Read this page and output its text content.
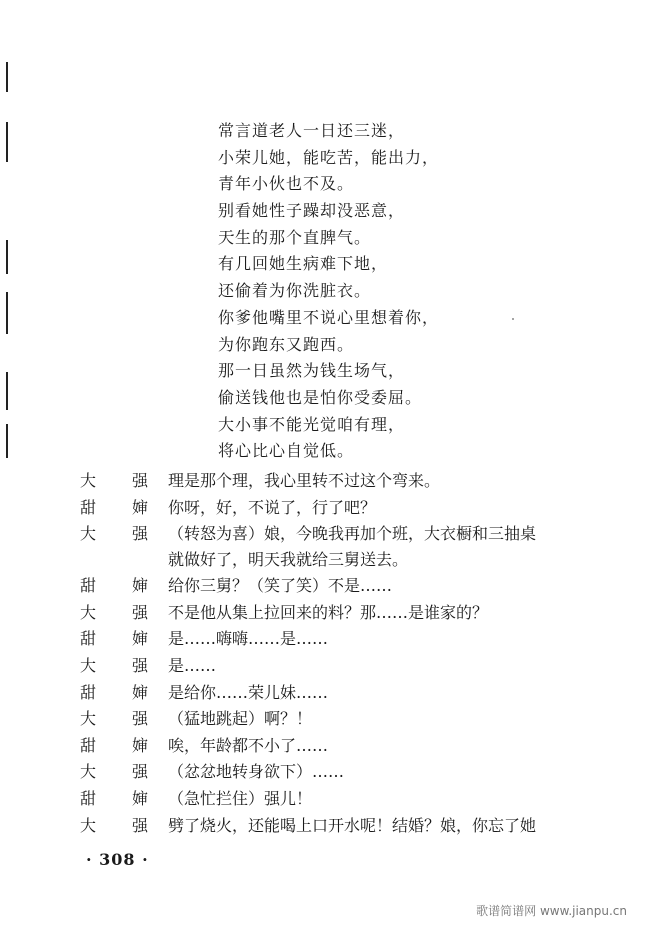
常言道老人一日还三迷，
小荣儿她，能吃苦，能出力，
青年小伙也不及。
别看她性子躁却没恶意，
天生的那个直脾气。
有几回她生病难下地，
还偷着为你洗脏衣。
你爹他嘴里不说心里想着你，
为你跑东又跑西。
那一日虽然为钱生场气，
偷送钱他也是怕你受委屈。
大小事不能光觉咱有理，
将心比心自觉低。
大 强 理是那个理，我心里转不过这个弯来。
甜 婶 你呀，好，不说了，行了吧？
大 强 （转怒为喜）娘，今晚我再加个班，大衣橱和三抽桌
就做好了，明天我就给三舅送去。
甜 婶 给你三舅？（笑了笑）不是……
大 强 不是他从集上拉回来的料？那……是谁家的？
甜 婶 是……嗨嗨……是……
大 强 是……
甜 婶 是给你……荣儿妹……
大 强 （猛地跳起）啊？！
甜 婶 唉，年龄都不小了……
大 强 （忿忿地转身欲下）……
甜 婶 （急忙拦住）强儿！
大 强 劈了烧火，还能喝上口开水呢！结婚？娘，你忘了她
· 308 ·
歌谱简谱网 www.jianpu.cn
